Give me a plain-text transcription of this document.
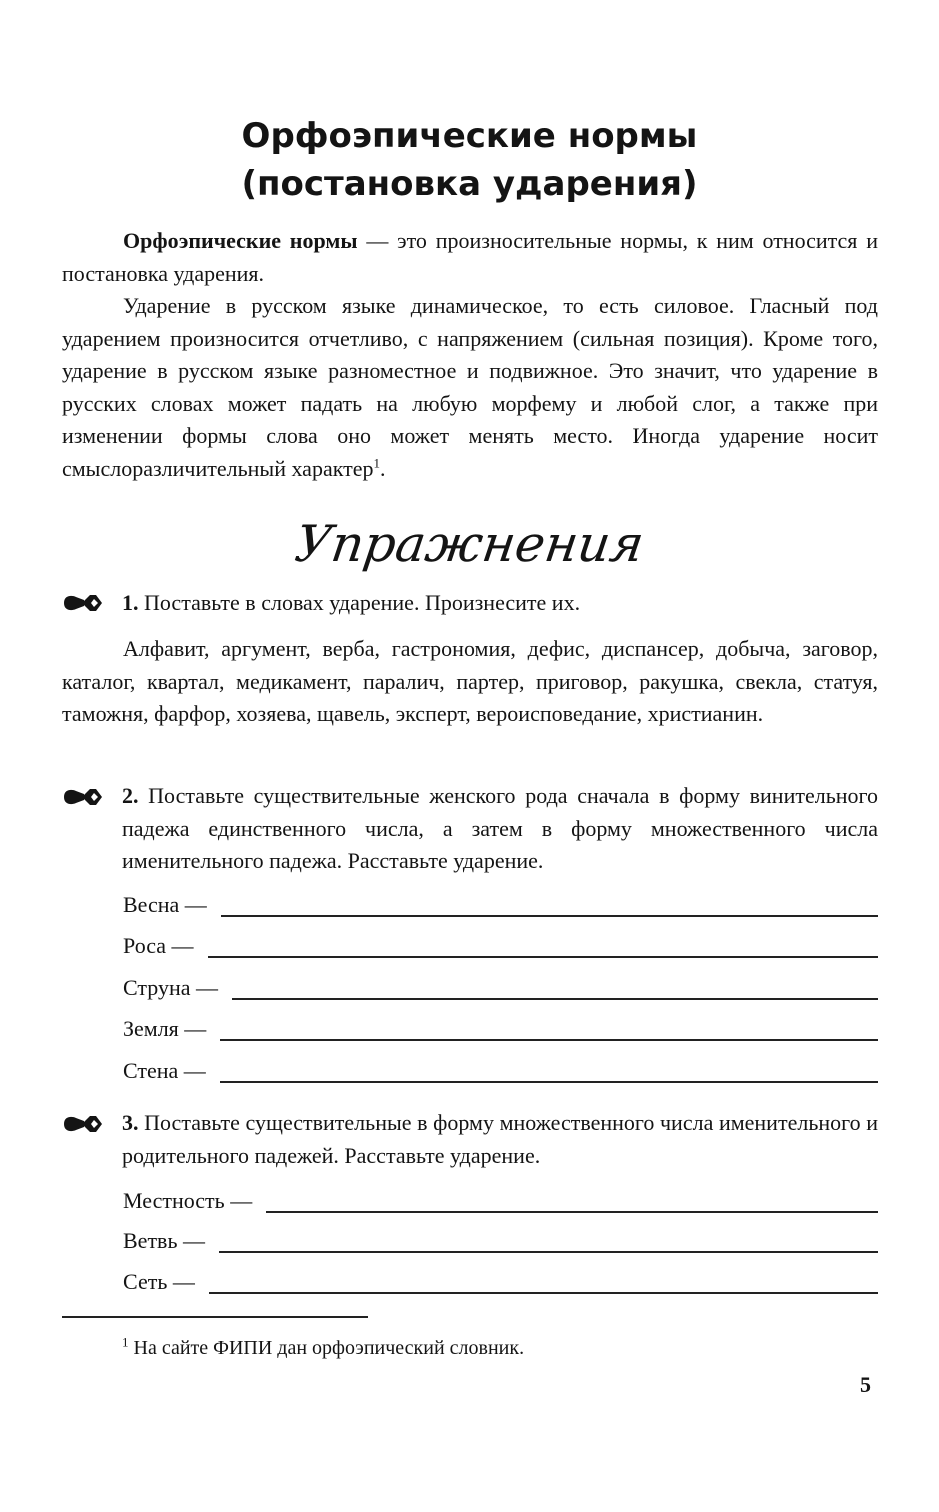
Орфоэпические нормы
(постановка ударения)

Орфоэпические нормы — это произносительные нормы, к ним относится и постановка ударения.

Ударение в русском языке динамическое, то есть силовое. Гласный под ударением произносится отчетливо, с напряжением (сильная позиция). Кроме того, ударение в русском языке разноместное и подвижное. Это значит, что ударение в русских словах может падать на любую морфему и любой слог, а также при изменении формы слова оно может менять место. Иногда ударение носит смыслоразличительный характер$^1$.

Упражнения

1. Поставьте в словах ударение. Произнесите их.

Алфавит, аргумент, верба, гастрономия, дефис, диспансер, добыча, заговор, каталог, квартал, медикамент, паралич, партер, приговор, ракушка, свекла, статуя, таможня, фарфор, хозяева, щавель, эксперт, вероисповедание, христианин.

2. Поставьте существительные женского рода сначала в форму винительного падежа единственного числа, а затем в форму множественного числа именительного падежа. Расставьте ударение.

Весна —
Роса —
Струна —
Земля —
Стена —

3. Поставьте существительные в форму множественного числа именительного и родительного падежей. Расставьте ударение.

Местность —
Ветвь —
Сеть —
$^1$ На сайте ФИПИ дан орфоэпический словник.
5
